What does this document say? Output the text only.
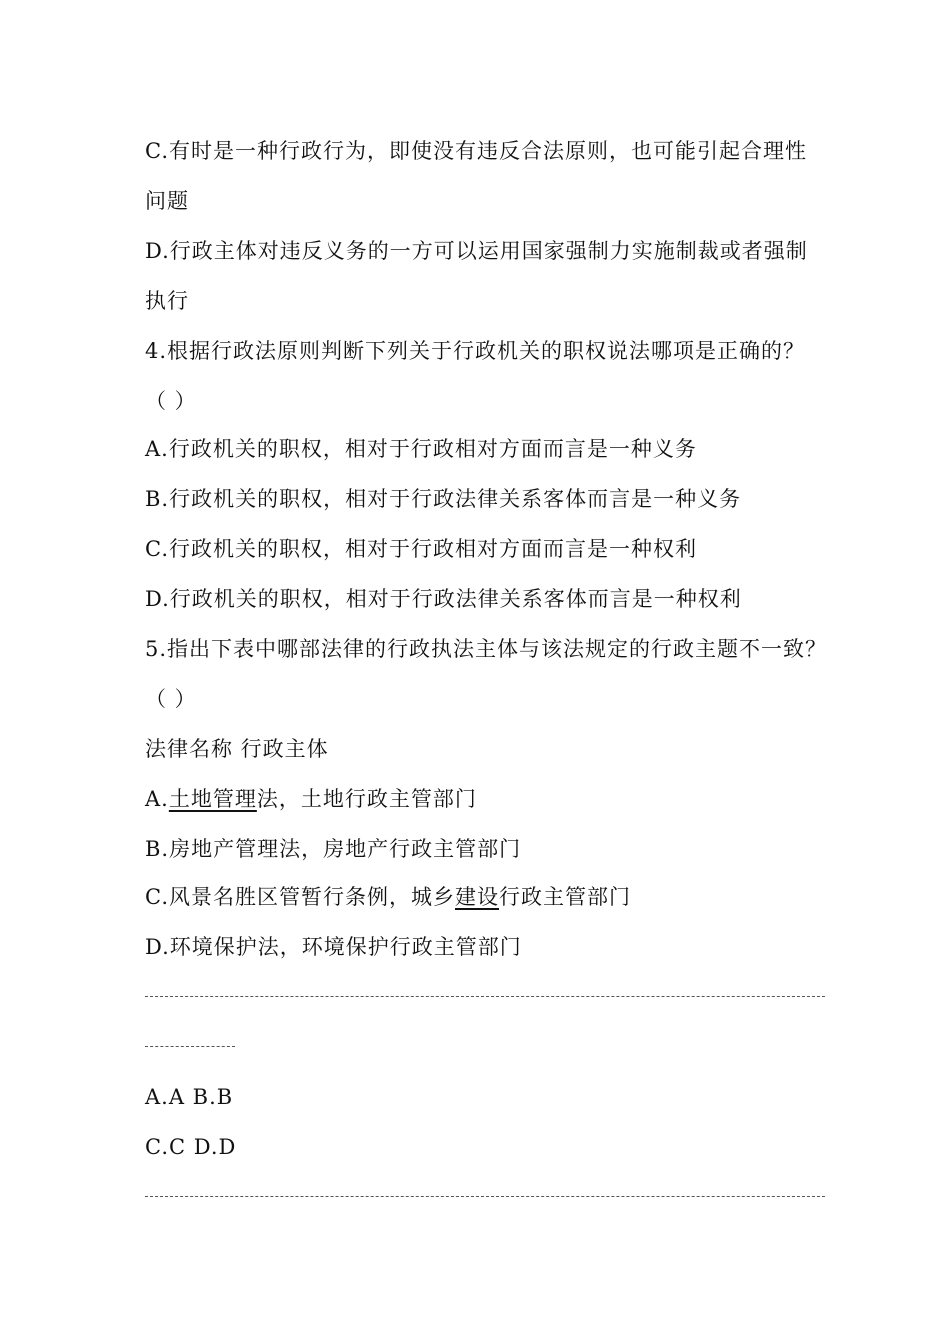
C.有时是一种行政行为，即使没有违反合法原则，也可能引起合理性
问题
D.行政主体对违反义务的一方可以运用国家强制力实施制裁或者强制
执行
4.根据行政法原则判断下列关于行政机关的职权说法哪项是正确的？
（ ）
A.行政机关的职权，相对于行政相对方面而言是一种义务
B.行政机关的职权，相对于行政法律关系客体而言是一种义务
C.行政机关的职权，相对于行政相对方面而言是一种权利
D.行政机关的职权，相对于行政法律关系客体而言是一种权利
5.指出下表中哪部法律的行政执法主体与该法规定的行政主题不一致？
（ ）
法律名称 行政主体
A.土地管理法，土地行政主管部门
B.房地产管理法，房地产行政主管部门
C.风景名胜区管暂行条例，城乡建设行政主管部门
D.环境保护法，环境保护行政主管部门
A.A B.B
C.C D.D
